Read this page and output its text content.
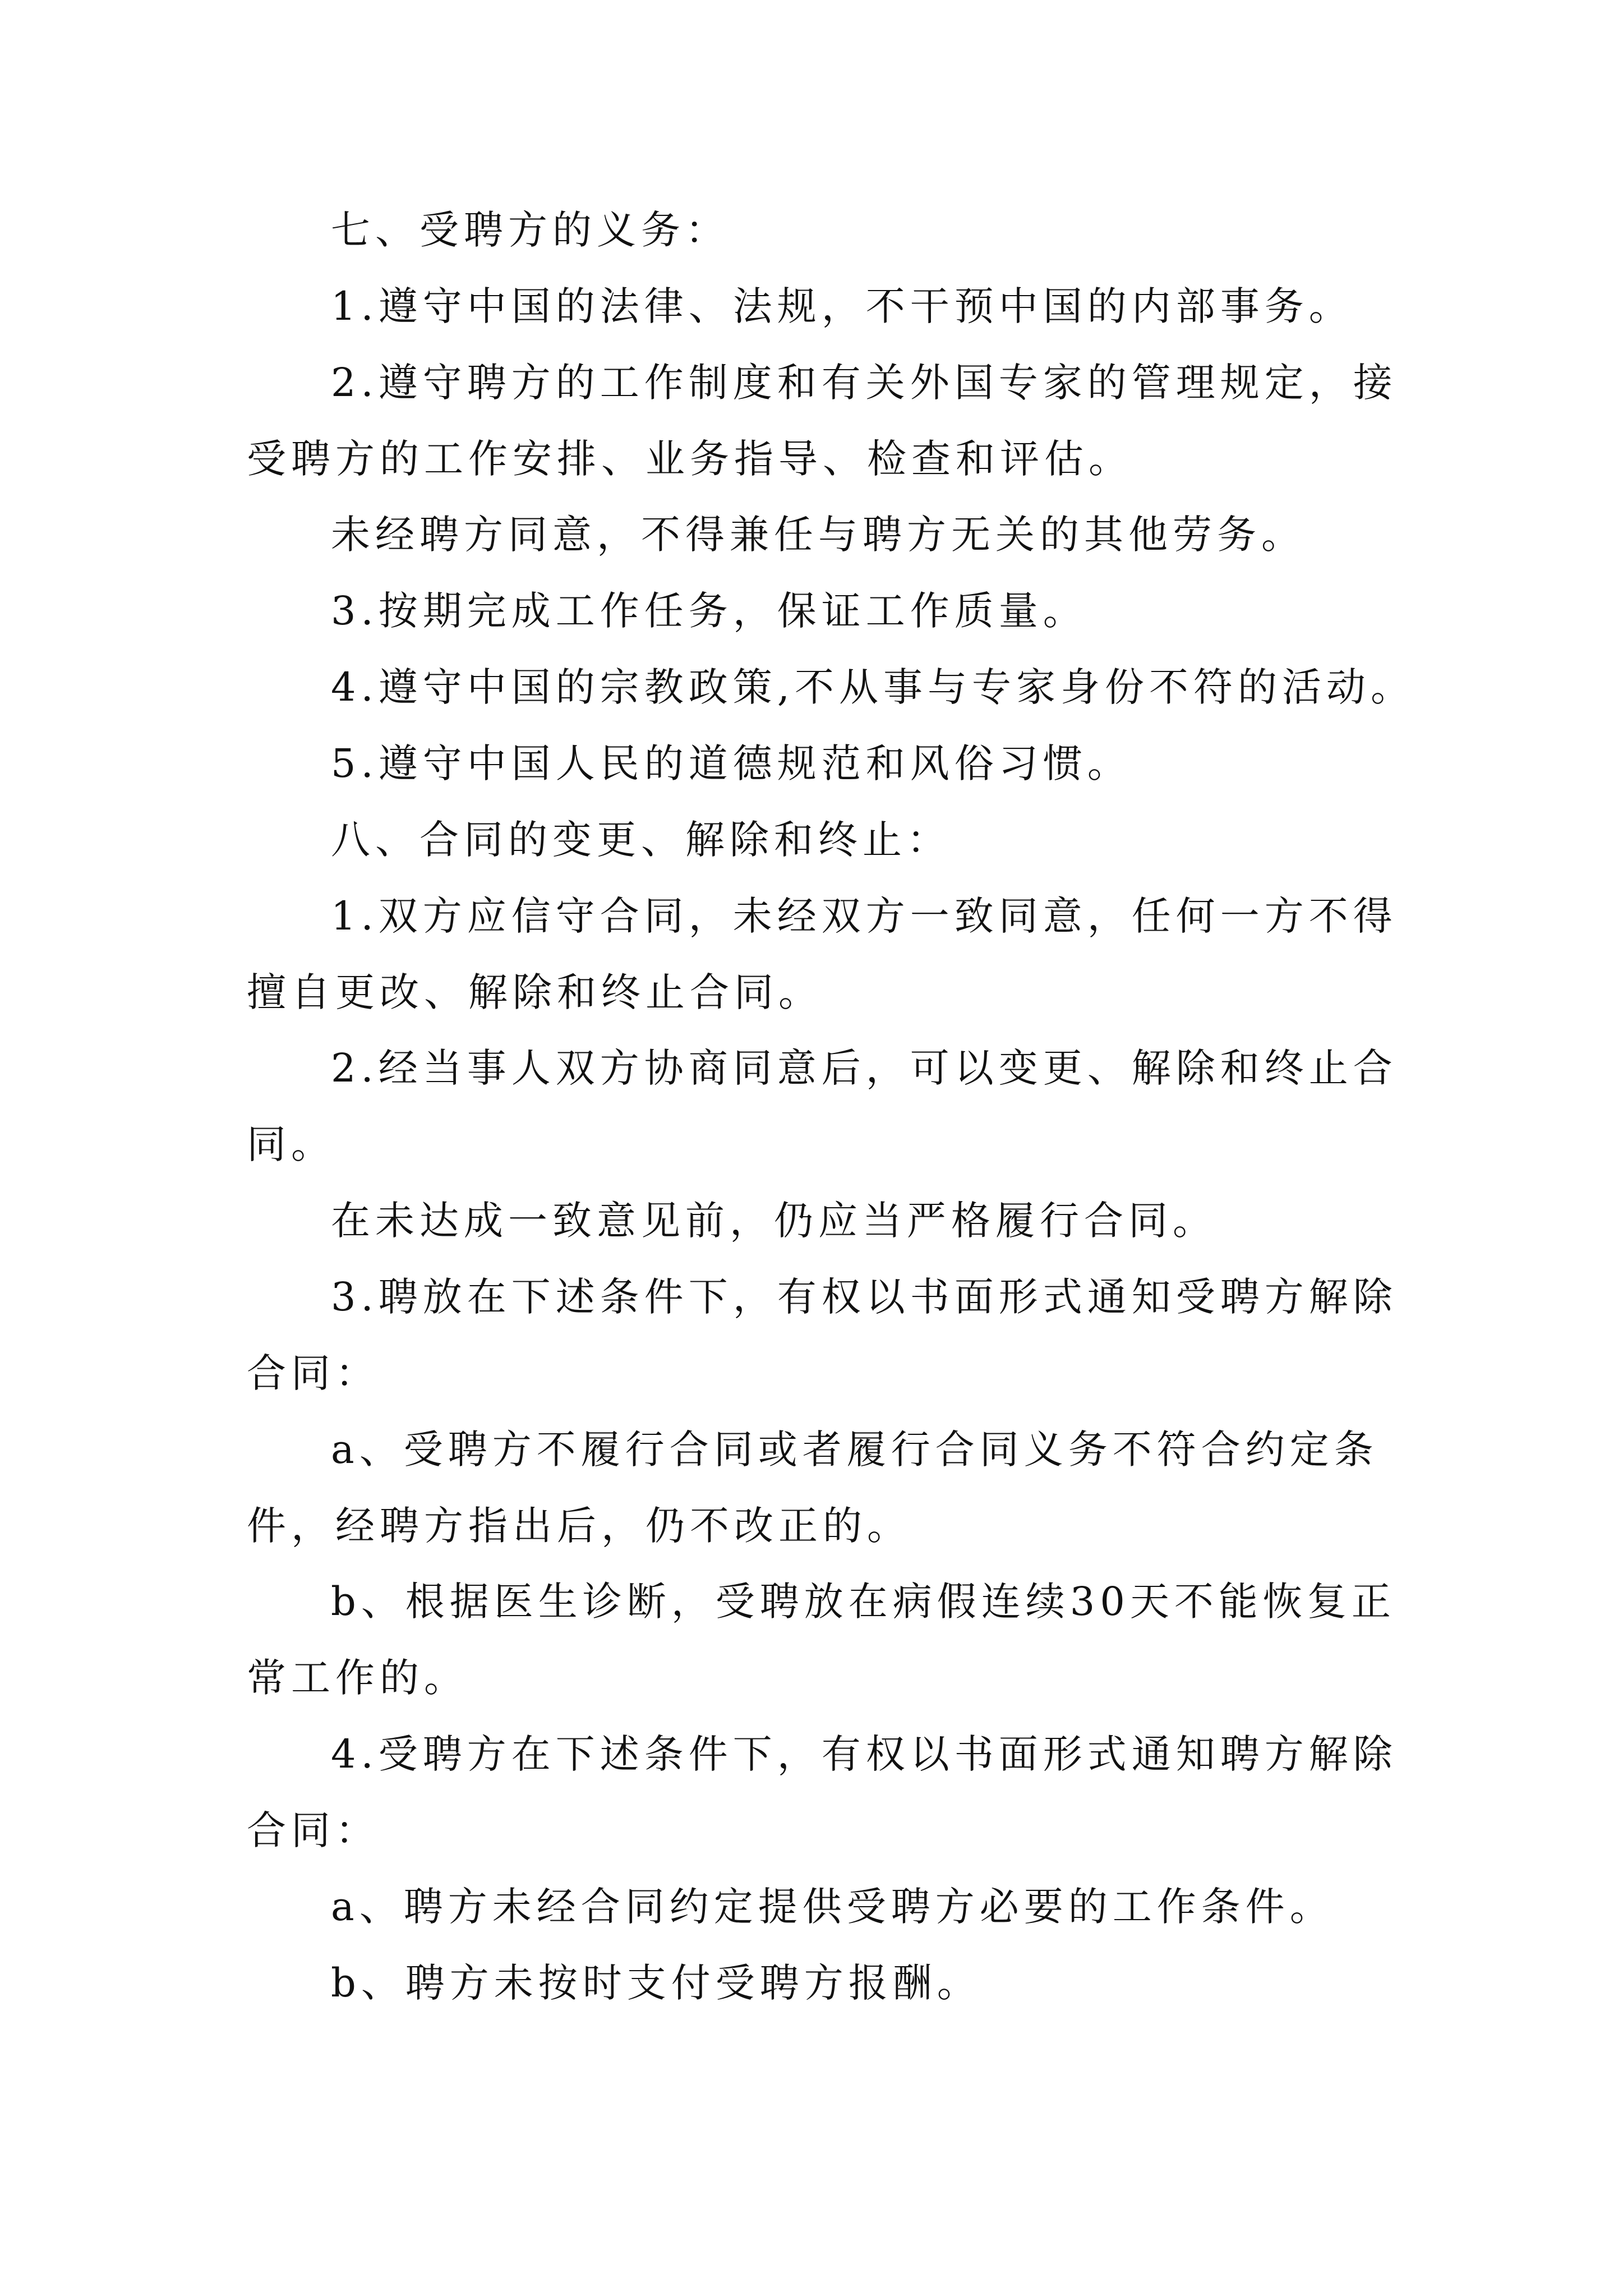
七、受聘方的义务：
1.遵守中国的法律、法规，不干预中国的内部事务。
2.遵守聘方的工作制度和有关外国专家的管理规定，接
受聘方的工作安排、业务指导、检查和评估。
未经聘方同意，不得兼任与聘方无关的其他劳务。
3.按期完成工作任务，保证工作质量。
4.遵守中国的宗教政策,不从事与专家身份不符的活动。
5.遵守中国人民的道德规范和风俗习惯。
八、合同的变更、解除和终止：
1.双方应信守合同，未经双方一致同意，任何一方不得
擅自更改、解除和终止合同。
2.经当事人双方协商同意后，可以变更、解除和终止合
同。
在未达成一致意见前，仍应当严格履行合同。
3.聘放在下述条件下，有权以书面形式通知受聘方解除
合同：
a、受聘方不履行合同或者履行合同义务不符合约定条
件，经聘方指出后，仍不改正的。
b、根据医生诊断，受聘放在病假连续30天不能恢复正
常工作的。
4.受聘方在下述条件下，有权以书面形式通知聘方解除
合同：
a、聘方未经合同约定提供受聘方必要的工作条件。
b、聘方未按时支付受聘方报酬。
